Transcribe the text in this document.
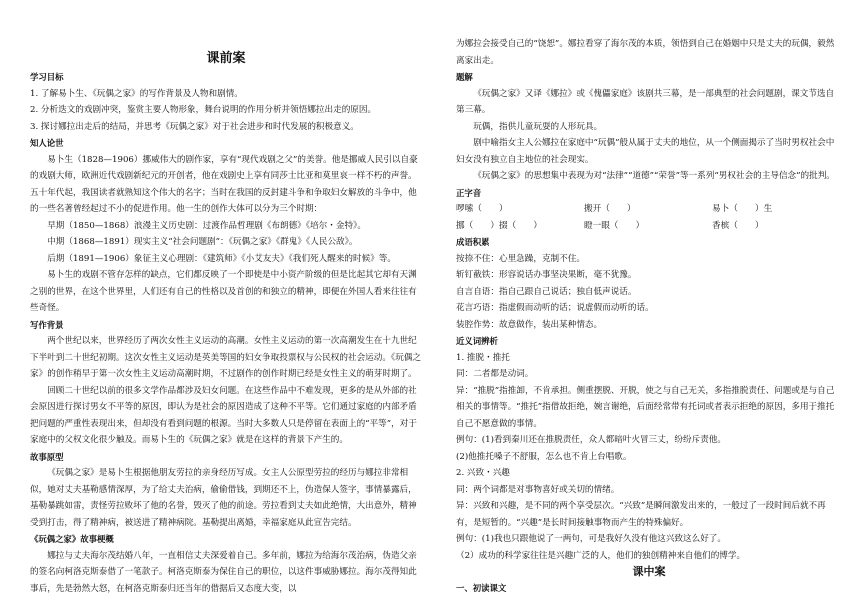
课前案

学习目标

1. 了解易卜生、《玩偶之家》的写作背景及人物和剧情。

2. 分析迭文的戏剧冲突，鉴赏主要人物形象，舞台说明的作用分析并领悟娜拉出走的原因。

3. 探讨娜拉出走后的结局，并思考《玩偶之家》对于社会进步和时代发展的积极意义。

知人论世

易卜生（1828—1906）挪威伟大的剧作家，享有“现代戏剧之父”的美誉。他是挪威人民引以自豪的戏剧大师，欧洲近代戏剧新纪元的开创者，他在戏剧史上享有同莎士比亚和莫里哀一样不朽的声誉。五十年代起，我国读者就熟知这个伟大的名字；当时在我国的反封建斗争和争取妇女解放的斗争中，他的一些名著曾经起过不小的促进作用。他一生的创作大体可以分为三个时期：

早期（1850—1868）浪漫主义历史剧：过渡作品哲理剧《布朗德》《培尔・金特》。

中期（1868—1891）现实主义“社会问题剧”：《玩偶之家》《群鬼》《人民公敌》。

后期（1891—1906）象征主义心理剧：《建筑师》《小艾友夫》《我们死人醒来的时候》等。

易卜生的戏剧不管存怎样的缺点，它们都反映了一个即使是中小资产阶级的但是比起其它却有天渊之别的世界，在这个世界里，人们还有自己的性格以及首创的和独立的精神，即便在外国人看来往往有些奇怪。

写作背景

两个世纪以来，世界经历了两次女性主义运动的高潮。女性主义运动的第一次高潮发生在十九世纪下半叶到二十世纪初期。这次女性主义运动是英美等国的妇女争取投票权与公民权的社会运动。《玩偶之家》的创作稍早于第一次女性主义运动高潮时期，不过剧作的创作时期已经是女性主义的萌芽时期了。

回顾二十世纪以前的很多文学作品都涉及妇女问题。在这些作品中不难发现，更多的是从外部的社会原因进行探讨男女不平等的原因，即认为是社会的原因造成了这种不平等。它们通过家庭的内部矛盾把问题的严重性表现出来，但却没有看到问题的根源。当时大多数人只是停留在表面上的“平等”，对于家庭中的父权文化很少触及。而易卜生的《玩偶之家》就是在这样的背景下产生的。

故事原型

《玩偶之家》是易卜生根据他朋友劳拉的亲身经历写成。女主人公原型劳拉的经历与娜拉非常相似，她对丈夫基勒感情深厚，为了给丈夫治病，偷偷借钱，到期还不上，伪造保人签字，事情暴露后，基勒暴跳如雷，责怪劳拉败坏了他的名誉，毁灭了他的前途。劳拉看到丈夫如此绝情，大出意外，精神受到打击，得了精神病，被送进了精神病院。基勒提出离婚，幸福家庭从此宣告完结。

《玩偶之家》故事梗概

娜拉与丈夫海尔茂结婚八年，一直相信丈夫深爱着自己。多年前，娜拉为给海尔茂治病，伪造父亲的签名向柯洛克斯泰借了一笔款子。柯洛克斯泰为保住自己的职位，以这件事威胁娜拉。海尔茂得知此事后，先是勃然大怒，在柯洛克斯泰归还当年的借据后又态度大变，以

为娜拉会接受自己的“饶恕”。娜拉看穿了海尔茂的本质，领悟到自己在婚姻中只是丈夫的玩偶，毅然离家出走。

题解

《玩偶之家》又译《娜拉》或《傀儡家庭》该剧共三幕，是一部典型的社会问题剧，课文节选自第三幕。

玩偶，指供儿童玩耍的人形玩具。

剧中喻指女主人公娜拉在家庭中“玩偶”般从属于丈夫的地位，从一个侧面揭示了当时男权社会中妇女没有独立自主地位的社会现实。

《玩偶之家》的思想集中表现为对“法律”“道德”“荣誉”等一系列“男权社会的主导信念”的批判。

正字音

啰嗦（　　）	搬开（　　）	易卜（　　）生
挪（　　）掇（　　）	瞪一眼（　　）	香槟（　　）

成语积累

按捺不住：心里急躁，克制不住。

斩钉截铁：形容说话办事坚决果断，毫不犹豫。

自言自语：指自己跟自己说话；独自低声说话。

花言巧语：指虚假而动听的话；说虚假而动听的话。

装腔作势：故意做作，装出某种情态。

近义词辨析

1. 推脱・推托

同：二者都是动词。

异：“推脱”指推卸，不肯承担。侧重摆脱、开脱，使之与自己无关，多指推脱责任、问题或是与自己相关的事情等。“推托”指借故拒绝，婉言谢绝，后面经常带有托词或者表示拒绝的原因，多用于推托自己不愿意做的事情。

例句：(1)看到秦川还在推脱责任，众人都暗叶火冒三丈，纷纷斥责他。

(2)他推托嗓子不舒服，怎么也不肯上台唱歌。

2. 兴致・兴趣

同：两个词都是对事物喜好或关切的情绪。

异：兴致和兴趣，是不同的两个享受层次。“兴致”是瞬间激发出来的，一般过了一段时间后就不再有，是短暂的。“兴趣”是长时间接触事物而产生的特殊偏好。

例句：(1)我也只跟他说了一两句，可是我好久没有他这兴致这么好了。

（2）成功的科学家往往是兴趣广泛的人，他们的独创精神来自他们的博学。

课中案

一、初读课文
